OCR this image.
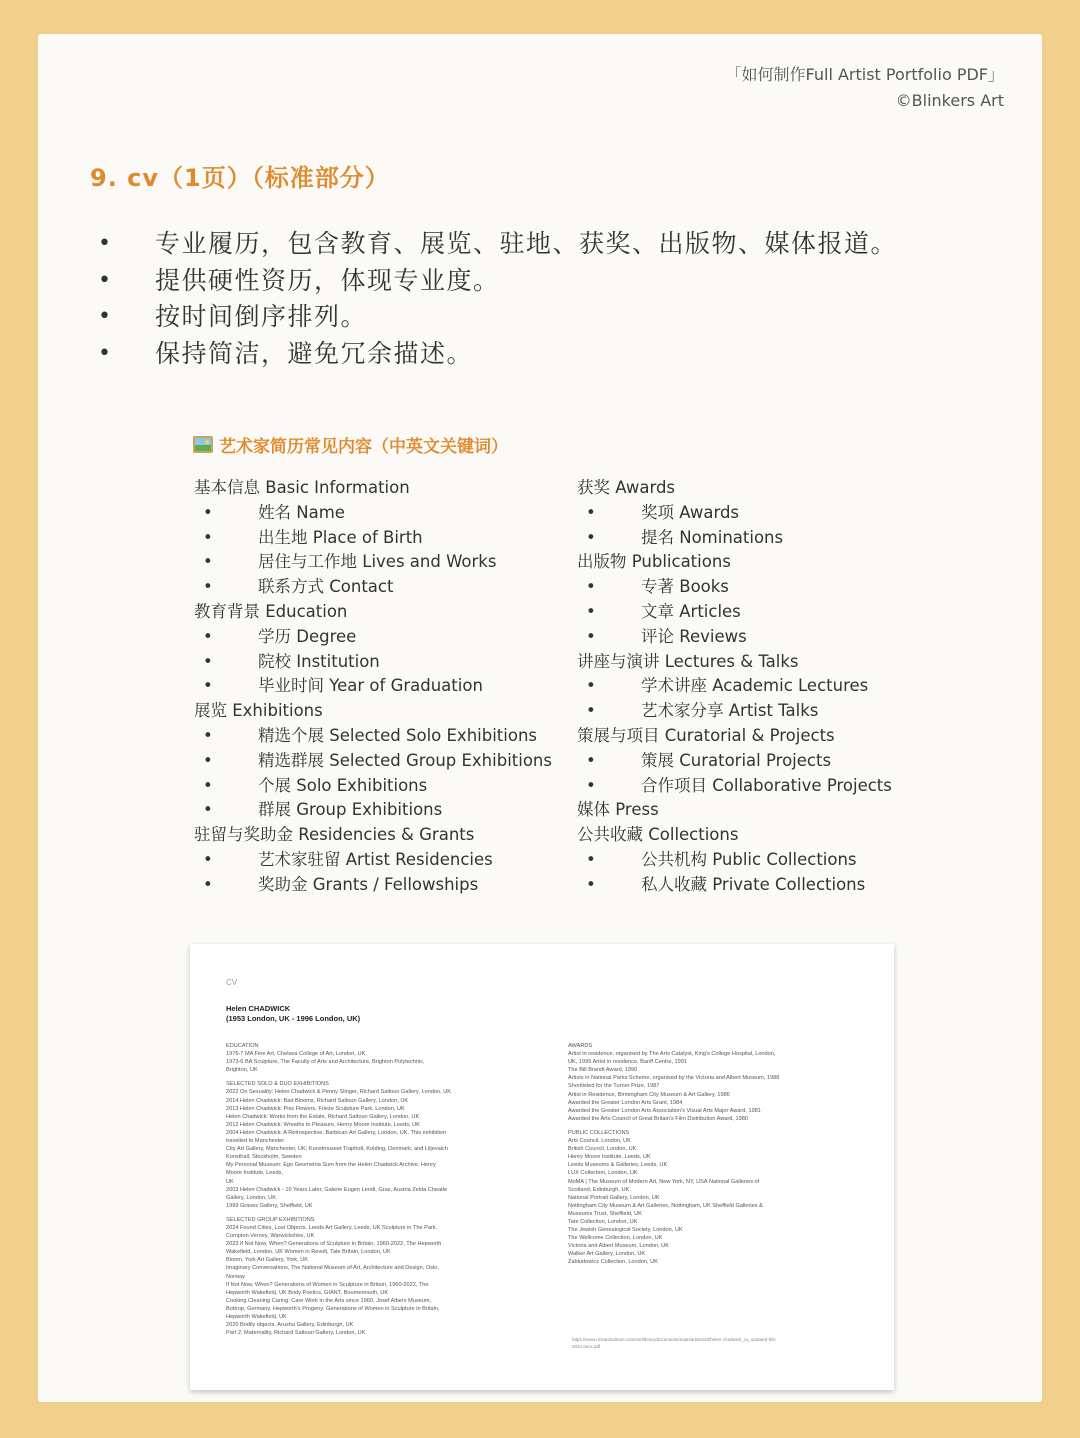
「如何制作Full Artist Portfolio PDF」
©Blinkers Art
9. cv（1页）（标准部分）
•	专业履历，包含教育、展览、驻地、获奖、出版物、媒体报道。
•	提供硬性资历，体现专业度。
•	按时间倒序排列。
•	保持简洁，避免冗余描述。
艺术家简历常见内容（中英文关键词）
基本信息 Basic Information
•	姓名 Name
•	出生地 Place of Birth
•	居住与工作地 Lives and Works
•	联系方式 Contact
教育背景 Education
•	学历 Degree
•	院校 Institution
•	毕业时间 Year of Graduation
展览 Exhibitions
•	精选个展 Selected Solo Exhibitions
•	精选群展 Selected Group Exhibitions
•	个展 Solo Exhibitions
•	群展 Group Exhibitions
驻留与奖助金 Residencies & Grants
•	艺术家驻留 Artist Residencies
•	奖助金 Grants / Fellowships
获奖 Awards
•	奖项 Awards
•	提名 Nominations
出版物 Publications
•	专著 Books
•	文章 Articles
•	评论 Reviews
讲座与演讲 Lectures & Talks
•	学术讲座 Academic Lectures
•	艺术家分享 Artist Talks
策展与项目 Curatorial & Projects
•	策展 Curatorial Projects
•	合作项目 Collaborative Projects
媒体 Press
公共收藏 Collections
•	公共机构 Public Collections
•	私人收藏 Private Collections
CV
Helen CHADWICK
(1953 London, UK - 1996 London, UK)
EDUCATION
1976-7 MA Fine Art, Chelsea College of Art, London, UK
1973-6 BA Sculpture, The Faculty of Arts and Architecture, Brighton Polytechnic,
Brighton, UK
SELECTED SOLO & DUO EXHIBITIONS
2022 On Sexuality: Helen Chadwick & Penny Slinger, Richard Saltoun Gallery, London, UK
2014 Helen Chadwick: Bad Blooms, Richard Saltoun Gallery, London, UK
2013 Helen Chadwick: Piss Flowers, Frieze Sculpture Park, London, UK
Helen Chadwick: Works from the Estate, Richard Saltoun Gallery, London, UK
2012 Helen Chadwick: Wreaths to Pleasure, Henry Moore Institute, Leeds, UK
2004 Helen Chadwick: A Retrospective, Barbican Art Gallery, London, UK. This exhibition
travelled to Manchester
City Art Gallery, Manchester, UK; Kunstmuseet Trapholt, Kolding, Denmark; and Liljevalch
Konsthall, Stockholm, Sweden
My Personal Museum: Ego Geometria Sum from the Helen Chadwick Archive, Henry
Moore Institute, Leeds,
UK
2003 Helen Chadwick - 10 Years Later, Galerie Eugen Lendl, Graz, Austria Zelda Cheatle
Gallery, London, UK
1999 Graves Gallery, Sheffield, UK
SELECTED GROUP EXHIBITIONS
2024 Found Cities, Lost Objects. Leeds Art Gallery, Leeds, UK Sculpture in The Park.
Compton Verney, Warwickshire, UK
2023 If Not Now, When? Generations of Sculpture in Britain, 1960-2022, The Hepworth
Wakefield, London, UK Women in Revolt, Tate Britain, London, UK
Bloom, York Art Gallery, York, UK
Imaginary Conversations, The National Museum of Art, Architecture and Design, Oslo,
Norway
If Not Now, When? Generations of Women in Sculpture in Britain, 1960-2022, The
Hepworth Wakefield, UK Body Poetics, GIANT, Bournemouth, UK
Cooking Cleaning Caring: Care Work in the Arts since 1960, Josef Albers Museum,
Bottrop, Germany. Hepworth's Progeny: Generations of Women in Sculpture in Britain,
Hepworth Wakefield, UK
2020 Bodily objects. Arusha Gallery, Edinburgh, UK
Part 2: Maternality, Richard Saltoun Gallery, London, UK
AWARDS
Artist in residence, organised by The Arts Catalyst, King's College Hospital, London,
UK, 1995 Artist in residence, Banff Centre, 1991
The Bill Brandt Award, 1990
Artists in National Parks Scheme, organised by the Victoria and Albert Museum, 1988
Shortlisted for the Turner Prize, 1987
Artist in Residence, Birmingham City Museum & Art Gallery, 1986
Awarded the Greater London Arts Grant, 1984
Awarded the Greater London Arts Association's Visual Arts Major Award, 1981
Awarded the Arts Council of Great Britain's Film Distribution Award, 1980
PUBLIC COLLECTIONS
Arts Council, London, UK
British Council, London, UK
Henry Moore Institute, Leeds, UK
Leeds Museums & Galleries, Leeds, UK
LUX Collection, London, UK
MoMA | The Museum of Modern Art, New York, NY, USA National Galleries of
Scotland, Edinburgh, UK
National Portrait Gallery, London, UK
Nottingham City Museum & Art Galleries, Nottingham, UK Sheffield Galleries &
Museums Trust, Sheffield, UK
Tate Collection, London, UK
The Jewish Genealogical Society, London, UK
The Wellcome Collection, London, UK
Victoria and Albert Museum, London, UK
Walker Art Gallery, London, UK
Zabludowicz Collection, London, UK
https://www.richardsaltoun.com/usr/library/documents/main/artists/33/helen-chadwick_cv_updated-feb-2024.docx.pdf
